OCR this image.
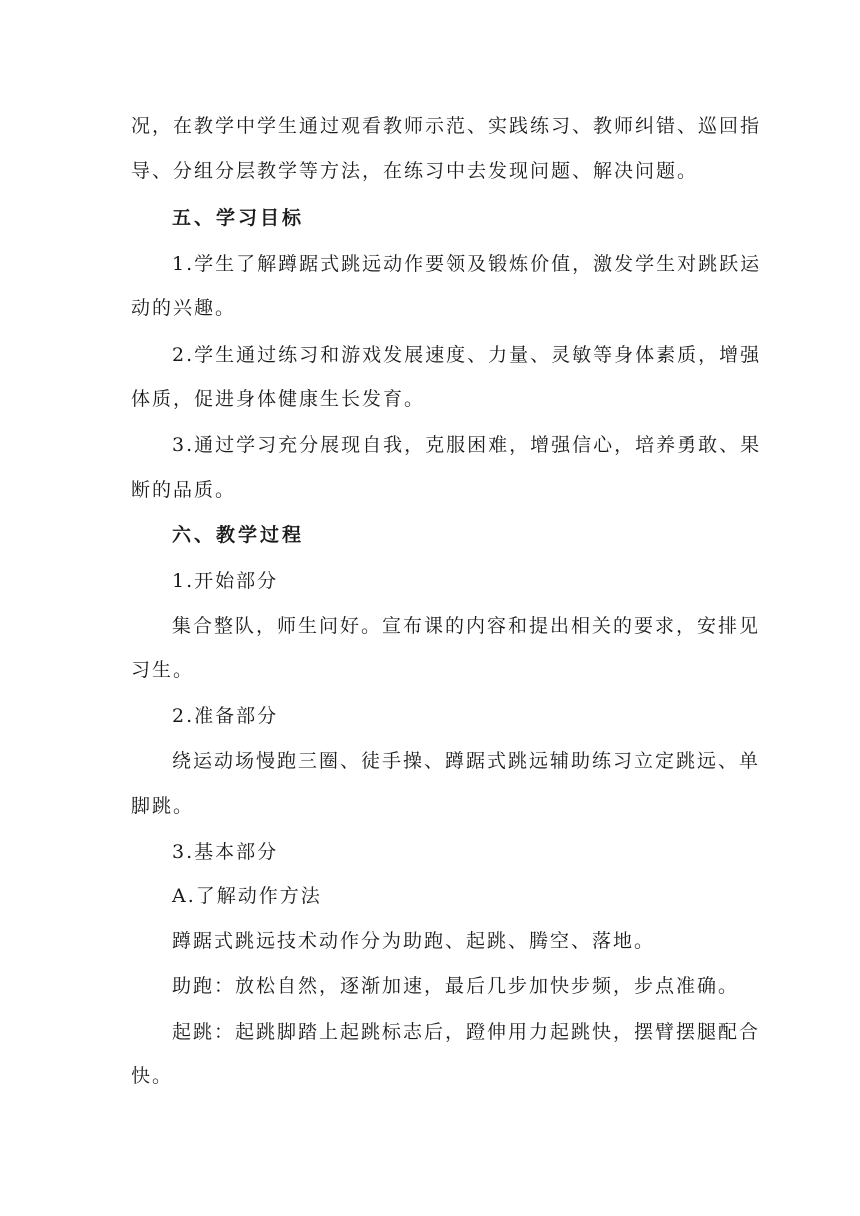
况，在教学中学生通过观看教师示范、实践练习、教师纠错、巡回指
导、分组分层教学等方法，在练习中去发现问题、解决问题。
五、学习目标
1.学生了解蹲踞式跳远动作要领及锻炼价值，激发学生对跳跃运
动的兴趣。
2.学生通过练习和游戏发展速度、力量、灵敏等身体素质，增强
体质，促进身体健康生长发育。
3.通过学习充分展现自我，克服困难，增强信心，培养勇敢、果
断的品质。
六、教学过程
1.开始部分
集合整队，师生问好。宣布课的内容和提出相关的要求，安排见
习生。
2.准备部分
绕运动场慢跑三圈、徒手操、蹲踞式跳远辅助练习立定跳远、单
脚跳。
3.基本部分
A.了解动作方法
蹲踞式跳远技术动作分为助跑、起跳、腾空、落地。
助跑：放松自然，逐渐加速，最后几步加快步频，步点准确。
起跳：起跳脚踏上起跳标志后，蹬伸用力起跳快，摆臂摆腿配合
快。
